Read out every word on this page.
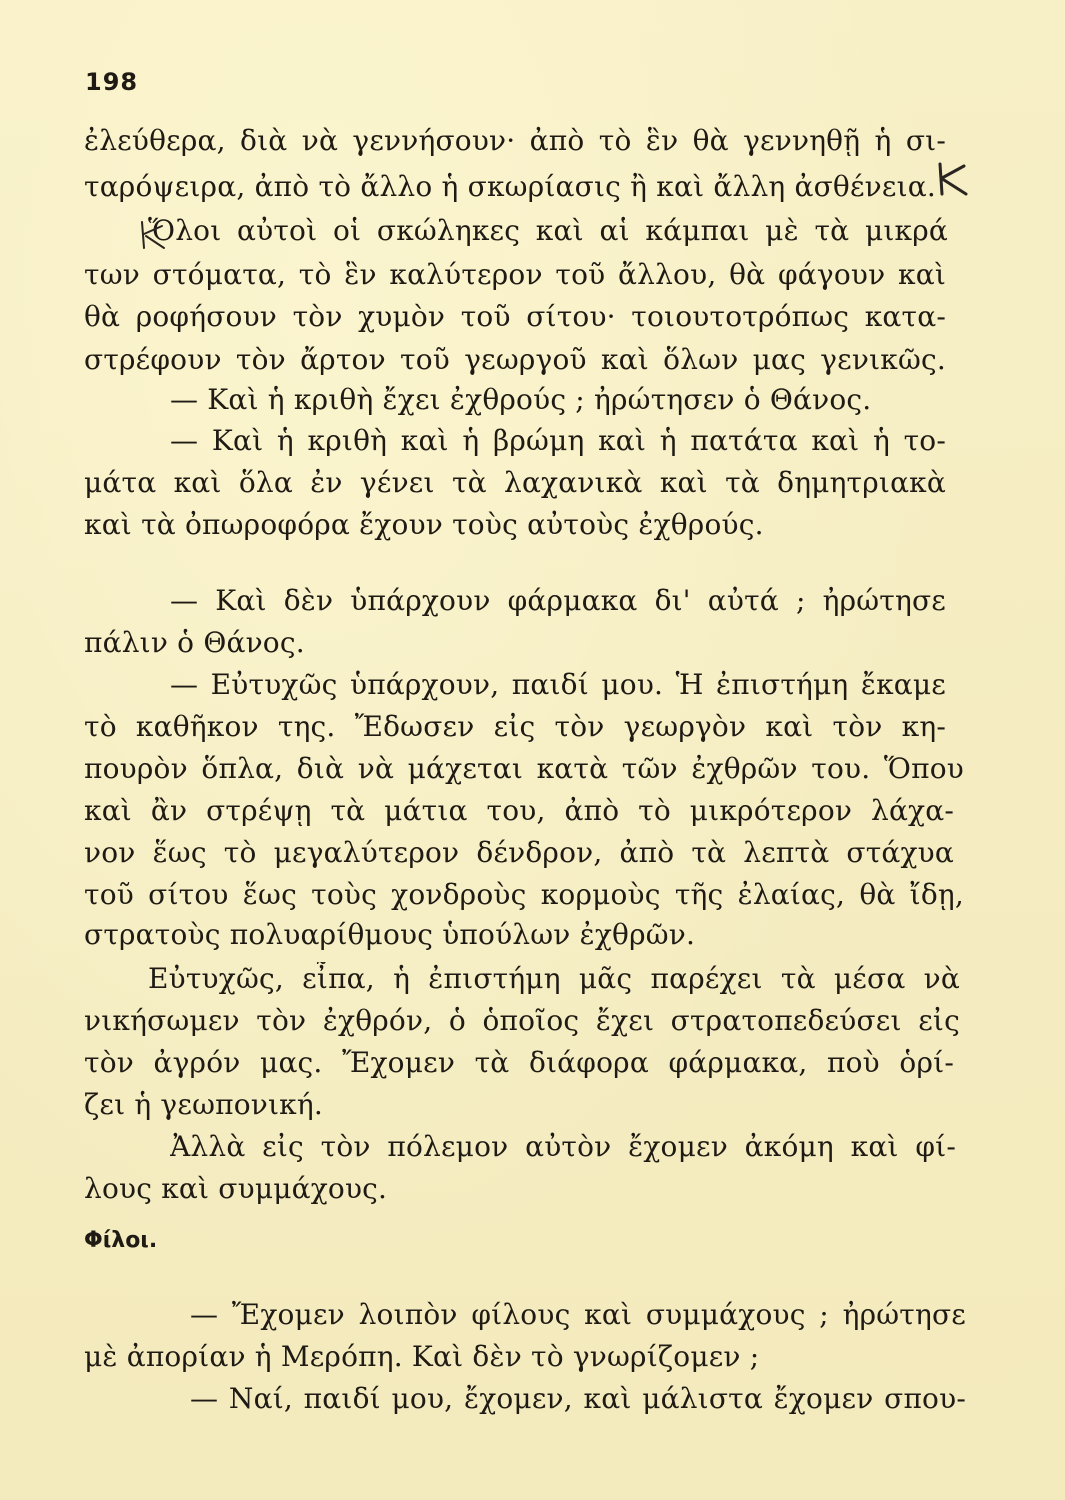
198
ἐλεύθερα, διὰ νὰ γεννήσουν· ἀπὸ τὸ ἓν θὰ γεννηθῇ ἡ σι-
ταρόψειρα, ἀπὸ τὸ ἄλλο ἡ σκωρίασις ἢ καὶ ἄλλη ἀσθένεια.
Ὅλοι αὐτοὶ οἱ σκώληκες καὶ αἱ κάμπαι μὲ τὰ μικρά
των στόματα, τὸ ἓν καλύτερον τοῦ ἄλλου, θὰ φάγουν καὶ
θὰ ροφήσουν τὸν χυμὸν τοῦ σίτου· τοιουτοτρόπως κατα-
στρέφουν τὸν ἄρτον τοῦ γεωργοῦ καὶ ὅλων μας γενικῶς.
— Καὶ ἡ κριθὴ ἔχει ἐχθρούς ; ἠρώτησεν ὁ Θάνος.
— Καὶ ἡ κριθὴ καὶ ἡ βρώμη καὶ ἡ πατάτα καὶ ἡ το-
μάτα καὶ ὅλα ἐν γένει τὰ λαχανικὰ καὶ τὰ δημητριακὰ
καὶ τὰ ὀπωροφόρα ἔχουν τοὺς αὐτοὺς ἐχθρούς.
— Καὶ δὲν ὑπάρχουν φάρμακα δι' αὐτά ; ἠρώτησε
πάλιν ὁ Θάνος.
— Εὐτυχῶς ὑπάρχουν, παιδί μου. Ἡ ἐπιστήμη ἔκαμε
τὸ καθῆκον της. Ἔδωσεν εἰς τὸν γεωργὸν καὶ τὸν κη-
πουρὸν ὅπλα, διὰ νὰ μάχεται κατὰ τῶν ἐχθρῶν του. Ὅπου
καὶ ἂν στρέψῃ τὰ μάτια του, ἀπὸ τὸ μικρότερον λάχα-
νον ἕως τὸ μεγαλύτερον δένδρον, ἀπὸ τὰ λεπτὰ στάχυα
τοῦ σίτου ἕως τοὺς χονδροὺς κορμοὺς τῆς ἐλαίας, θὰ ἴδῃ,
στρατοὺς πολυαρίθμους ὑπούλων ἐχθρῶν.
Εὐτυχῶς, εἶπα, ἡ ἐπιστήμη μᾶς παρέχει τὰ μέσα νὰ
νικήσωμεν τὸν ἐχθρόν, ὁ ὁποῖος ἔχει στρατοπεδεύσει εἰς
τὸν ἀγρόν μας. Ἔχομεν τὰ διάφορα φάρμακα, ποὺ ὁρί-
ζει ἡ γεωπονική.
Ἀλλὰ εἰς τὸν πόλεμον αὐτὸν ἔχομεν ἀκόμη καὶ φί-
λους καὶ συμμάχους.
Φίλοι.
— Ἔχομεν λοιπὸν φίλους καὶ συμμάχους ; ἠρώτησε
μὲ ἀπορίαν ἡ Μερόπη. Καὶ δὲν τὸ γνωρίζομεν ;
— Ναί, παιδί μου, ἔχομεν, καὶ μάλιστα ἔχομεν σπου-
